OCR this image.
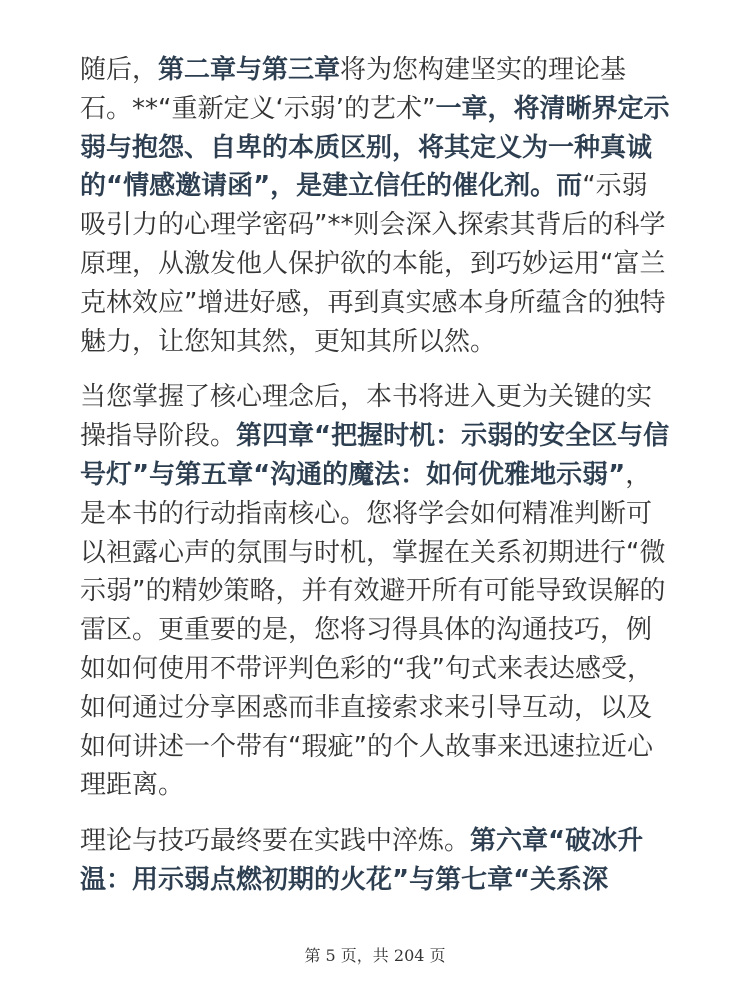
随后，第二章与第三章将为您构建坚实的理论基石。**“重新定义‘示弱’的艺术”一章，将清晰界定示弱与抱怨、自卑的本质区别，将其定义为一种真诚的“情感邀请函”，是建立信任的催化剂。而“示弱吸引力的心理学密码”**则会深入探索其背后的科学原理，从激发他人保护欲的本能，到巧妙运用“富兰克林效应”增进好感，再到真实感本身所蕴含的独特魅力，让您知其然，更知其所以然。

当您掌握了核心理念后，本书将进入更为关键的实操指导阶段。第四章“把握时机：示弱的安全区与信号灯”与第五章“沟通的魔法：如何优雅地示弱”，是本书的行动指南核心。您将学会如何精准判断可以袒露心声的氛围与时机，掌握在关系初期进行“微示弱”的精妙策略，并有效避开所有可能导致误解的雷区。更重要的是，您将习得具体的沟通技巧，例如如何使用不带评判色彩的“我”句式来表达感受，如何通过分享困惑而非直接索求来引导互动，以及如何讲述一个带有“瑕疵”的个人故事来迅速拉近心理距离。

理论与技巧最终要在实践中淬炼。第六章“破冰升温：用示弱点燃初期的火花”与第七章“关系深

第 5 页，共 204 页
